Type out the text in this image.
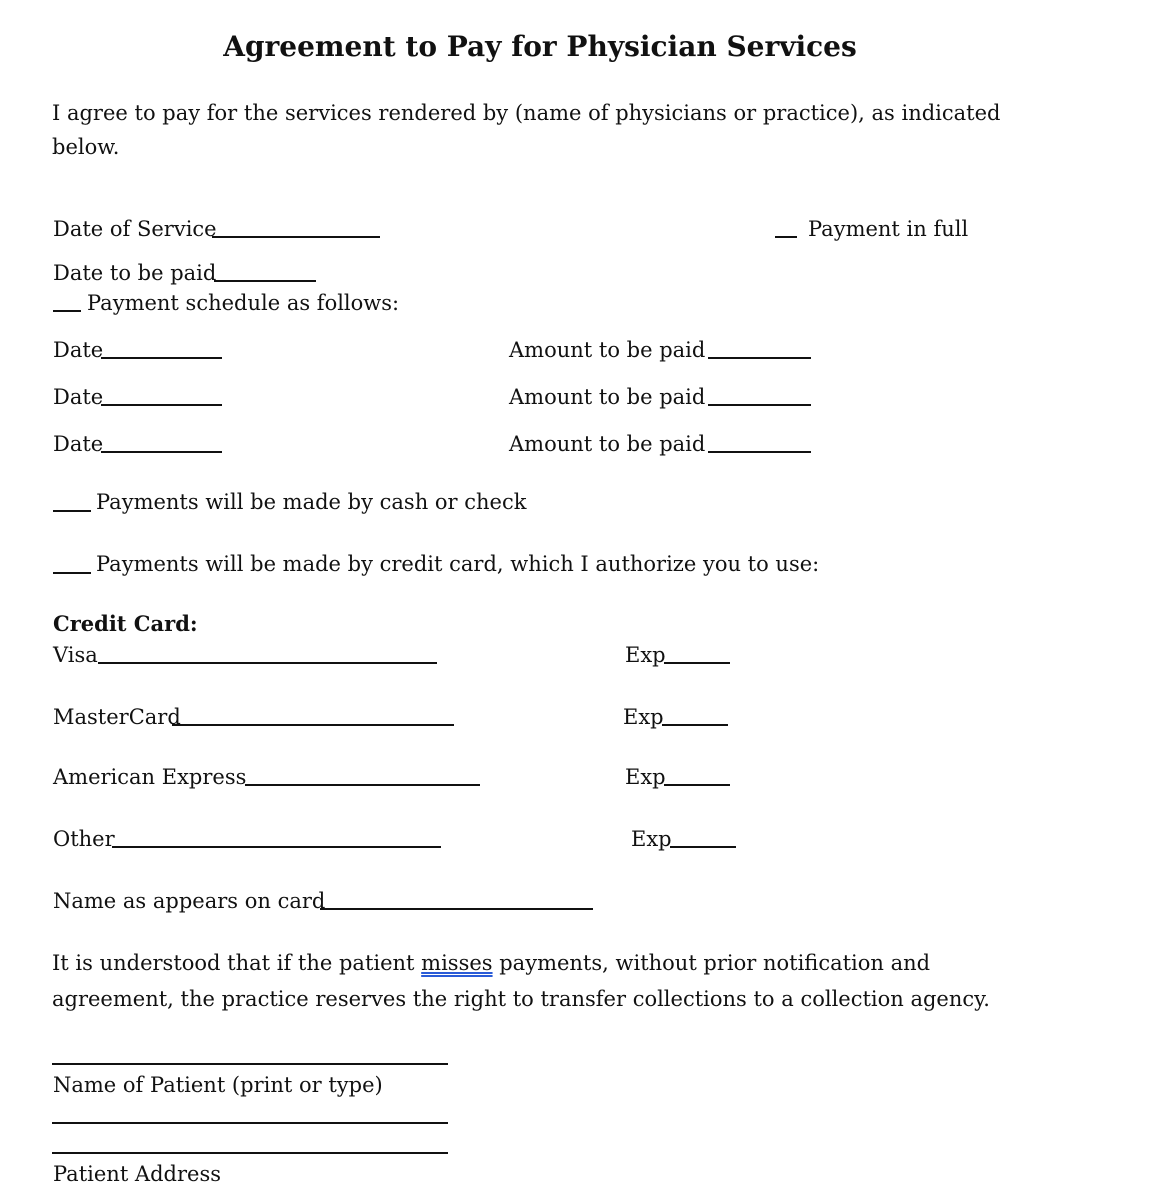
Agreement to Pay for Physician Services
I agree to pay for the services rendered by (name of physicians or practice), as indicated
below.
Date of Service	Payment in full
Date to be paid
Payment schedule as follows:
Date	Amount to be paid
Date	Amount to be paid
Date	Amount to be paid
Payments will be made by cash or check
Payments will be made by credit card, which I authorize you to use:
Credit Card:
Visa	Exp
MasterCard	Exp
American Express	Exp
Other	Exp
Name as appears on card
It is understood that if the patient misses payments, without prior notification and
agreement, the practice reserves the right to transfer collections to a collection agency.
Name of Patient (print or type)
Patient Address
